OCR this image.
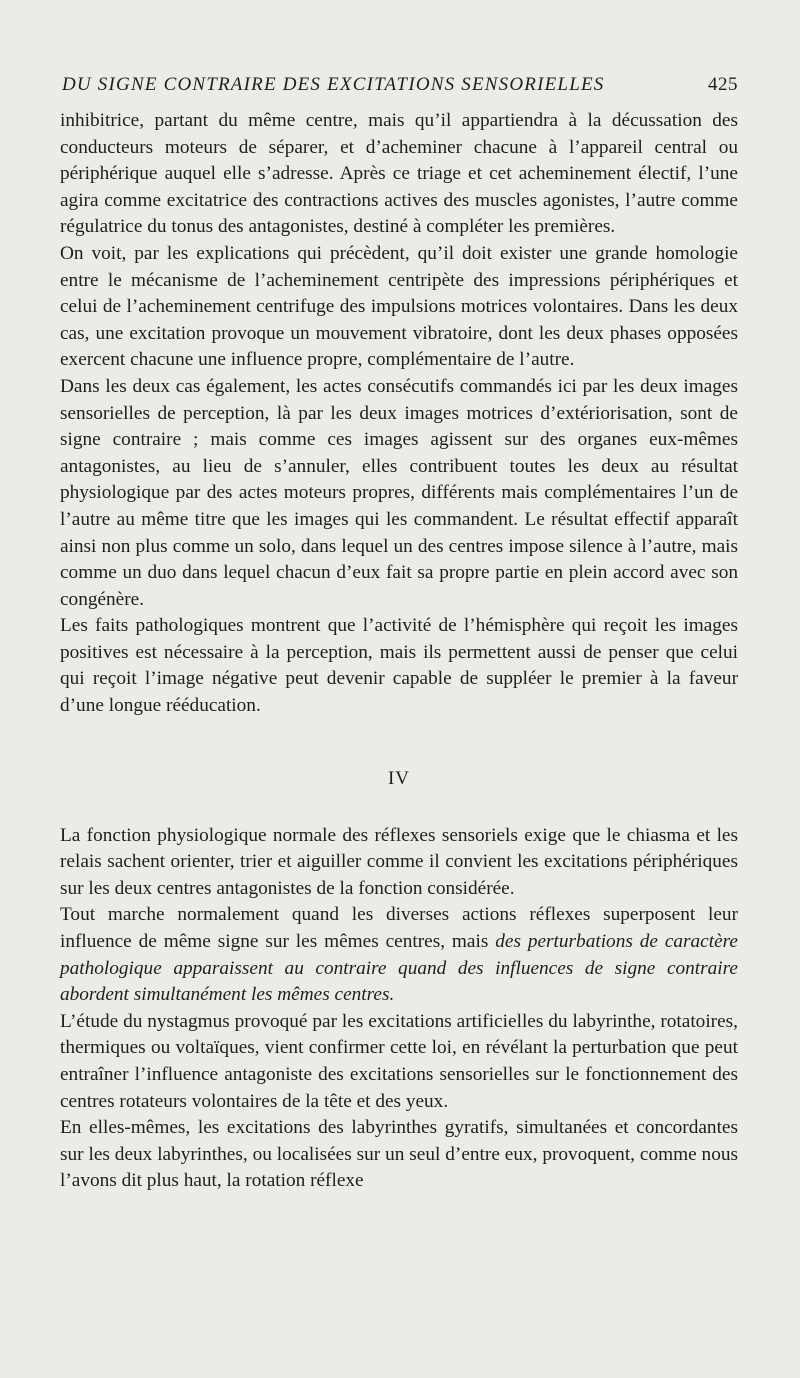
DU SIGNE CONTRAIRE DES EXCITATIONS SENSORIELLES	425

inhibitrice, partant du même centre, mais qu’il appartiendra à la décussation des conducteurs moteurs de séparer, et d’acheminer chacune à l’appareil central ou périphérique auquel elle s’adresse. Après ce triage et cet acheminement électif, l’une agira comme excitatrice des contractions actives des muscles agonistes, l’autre comme régulatrice du tonus des antagonistes, destiné à compléter les premières.

On voit, par les explications qui précèdent, qu’il doit exister une grande homologie entre le mécanisme de l’acheminement centripète des impressions périphériques et celui de l’acheminement centrifuge des impulsions motrices volontaires. Dans les deux cas, une excitation provoque un mouvement vibratoire, dont les deux phases opposées exercent chacune une influence propre, complémentaire de l’autre.

Dans les deux cas également, les actes consécutifs commandés ici par les deux images sensorielles de perception, là par les deux images motrices d’extériorisation, sont de signe contraire ; mais comme ces images agissent sur des organes eux-mêmes antagonistes, au lieu de s’annuler, elles contribuent toutes les deux au résultat physiologique par des actes moteurs propres, différents mais complémentaires l’un de l’autre au même titre que les images qui les commandent. Le résultat effectif apparaît ainsi non plus comme un solo, dans lequel un des centres impose silence à l’autre, mais comme un duo dans lequel chacun d’eux fait sa propre partie en plein accord avec son congénère.

Les faits pathologiques montrent que l’activité de l’hémisphère qui reçoit les images positives est nécessaire à la perception, mais ils permettent aussi de penser que celui qui reçoit l’image négative peut devenir capable de suppléer le premier à la faveur d’une longue rééducation.

IV

La fonction physiologique normale des réflexes sensoriels exige que le chiasma et les relais sachent orienter, trier et aiguiller comme il convient les excitations périphériques sur les deux centres antagonistes de la fonction considérée.

Tout marche normalement quand les diverses actions réflexes superposent leur influence de même signe sur les mêmes centres, mais des perturbations de caractère pathologique apparaissent au contraire quand des influences de signe contraire abordent simultanément les mêmes centres.

L’étude du nystagmus provoqué par les excitations artificielles du labyrinthe, rotatoires, thermiques ou voltaïques, vient confirmer cette loi, en révélant la perturbation que peut entraîner l’influence antagoniste des excitations sensorielles sur le fonctionnement des centres rotateurs volontaires de la tête et des yeux.

En elles-mêmes, les excitations des labyrinthes gyratifs, simultanées et concordantes sur les deux labyrinthes, ou localisées sur un seul d’entre eux, provoquent, comme nous l’avons dit plus haut, la rotation réflexe
